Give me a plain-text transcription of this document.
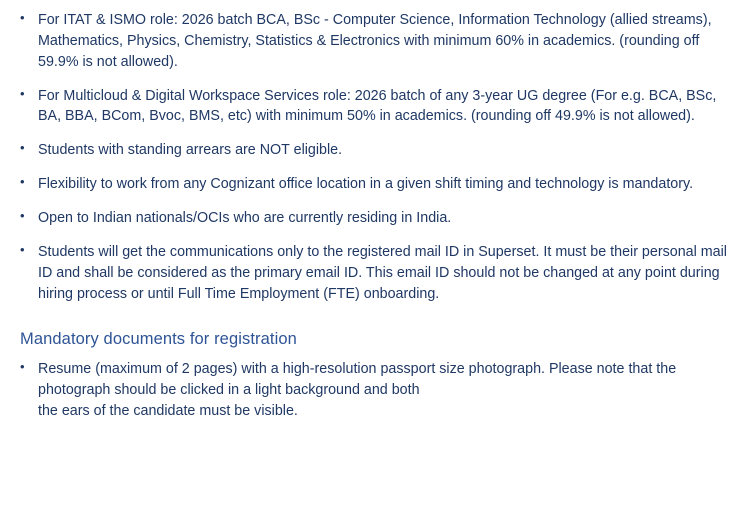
• For ITAT & ISMO role: 2026 batch BCA, BSc - Computer Science, Information Technology (allied streams), Mathematics, Physics, Chemistry, Statistics & Electronics with minimum 60% in academics. (rounding off 59.9% is not allowed).
• For Multicloud & Digital Workspace Services role: 2026 batch of any 3-year UG degree (For e.g. BCA, BSc, BA, BBA, BCom, Bvoc, BMS, etc) with minimum 50% in academics. (rounding off 49.9% is not allowed).
• Students with standing arrears are NOT eligible.
• Flexibility to work from any Cognizant office location in a given shift timing and technology is mandatory.
• Open to Indian nationals/OCIs who are currently residing in India.
• Students will get the communications only to the registered mail ID in Superset. It must be their personal mail ID and shall be considered as the primary email ID. This email ID should not be changed at any point during hiring process or until Full Time Employment (FTE) onboarding.
Mandatory documents for registration
• Resume (maximum of 2 pages) with a high-resolution passport size photograph. Please note that the photograph should be clicked in a light background and both
the ears of the candidate must be visible.
